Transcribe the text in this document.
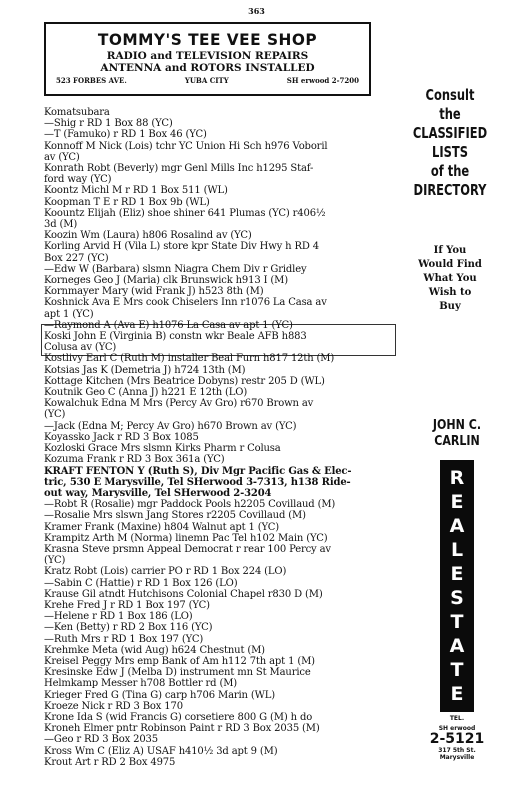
363
TOMMY'S TEE VEE SHOP
RADIO and TELEVISION REPAIRS
ANTENNA and ROTORS INSTALLED
523 FORBES AVE.	YUBA CITY	SH erwood 2-7200
Komatsubara
—Shig r RD 1 Box 88 (YC)
—T (Famuko) r RD 1 Box 46 (YC)
Konnoff M Nick (Lois) tchr YC Union Hi Sch h976 Voboril
av (YC)
Konrath Robt (Beverly) mgr Genl Mills Inc h1295 Staf-
ford way (YC)
Koontz Michl M r RD 1 Box 511 (WL)
Koopman T E r RD 1 Box 9b (WL)
Koountz Elijah (Eliz) shoe shiner 641 Plumas (YC) r406½
3d (M)
Koozin Wm (Laura) h806 Rosalind av (YC)
Korling Arvid H (Vila L) store kpr State Div Hwy h RD 4
Box 227 (YC)
—Edw W (Barbara) slsmn Niagra Chem Div r Gridley
Korneges Geo J (Maria) clk Brunswick h913 I (M)
Kornmayer Mary (wid Frank J) h523 8th (M)
Koshnick Ava E Mrs cook Chiselers Inn r1076 La Casa av
apt 1 (YC)
—Raymond A (Ava E) h1076 La Casa av apt 1 (YC)
Koski John E (Virginia B) constn wkr Beale AFB h883
Colusa av (YC)
Kostlivy Earl C (Ruth M) installer Beal Furn h817 12th (M)
Kotsias Jas K (Demetria J) h724 13th (M)
Kottage Kitchen (Mrs Beatrice Dobyns) restr 205 D (WL)
Koutnik Geo C (Anna J) h221 E 12th (LO)
Kowalchuk Edna M Mrs (Percy Av Gro) r670 Brown av
(YC)
—Jack (Edna M; Percy Av Gro) h670 Brown av (YC)
Koyassko Jack r RD 3 Box 1085
Kozloski Grace Mrs slsmn Kirks Pharm r Colusa
Kozuma Frank r RD 3 Box 361a (YC)
KRAFT FENTON Y (Ruth S), Div Mgr Pacific Gas & Elec-
tric, 530 E Marysville, Tel SHerwood 3-7313, h138 Ride-
out way, Marysville, Tel SHerwood 2-3204
—Robt R (Rosalie) mgr Paddock Pools h2205 Covillaud (M)
—Rosalie Mrs slswn Jang Stores r2205 Covillaud (M)
Kramer Frank (Maxine) h804 Walnut apt 1 (YC)
Krampitz Arth M (Norma) linemn Pac Tel h102 Main (YC)
Krasna Steve prsmn Appeal Democrat r rear 100 Percy av
(YC)
Kratz Robt (Lois) carrier PO r RD 1 Box 224 (LO)
—Sabin C (Hattie) r RD 1 Box 126 (LO)
Krause Gil atndt Hutchisons Colonial Chapel r830 D (M)
Krehe Fred J r RD 1 Box 197 (YC)
—Helene r RD 1 Box 186 (LO)
—Ken (Betty) r RD 2 Box 116 (YC)
—Ruth Mrs r RD 1 Box 197 (YC)
Krehmke Meta (wid Aug) h624 Chestnut (M)
Kreisel Peggy Mrs emp Bank of Am h112 7th apt 1 (M)
Kresinske Edw J (Melba D) instrument mn St Maurice
Helmkamp Messer h708 Bottler rd (M)
Krieger Fred G (Tina G) carp h706 Marin (WL)
Kroeze Nick r RD 3 Box 170
Krone Ida S (wid Francis G) corsetiere 800 G (M) h do
Kroneh Elmer pntr Robinson Paint r RD 3 Box 2035 (M)
—Geo r RD 3 Box 2035
Kross Wm C (Eliz A) USAF h410½ 3d apt 9 (M)
Krout Art r RD 2 Box 4975
Consult
the
CLASSIFIED
LISTS
of the
DIRECTORY
If You
Would Find
What You
Wish to
Buy
JOHN C.
CARLIN
R
E
A
L
E
S
T
A
T
E
TEL.
SH erwood
2-5121
317 5th St.
Marysville
